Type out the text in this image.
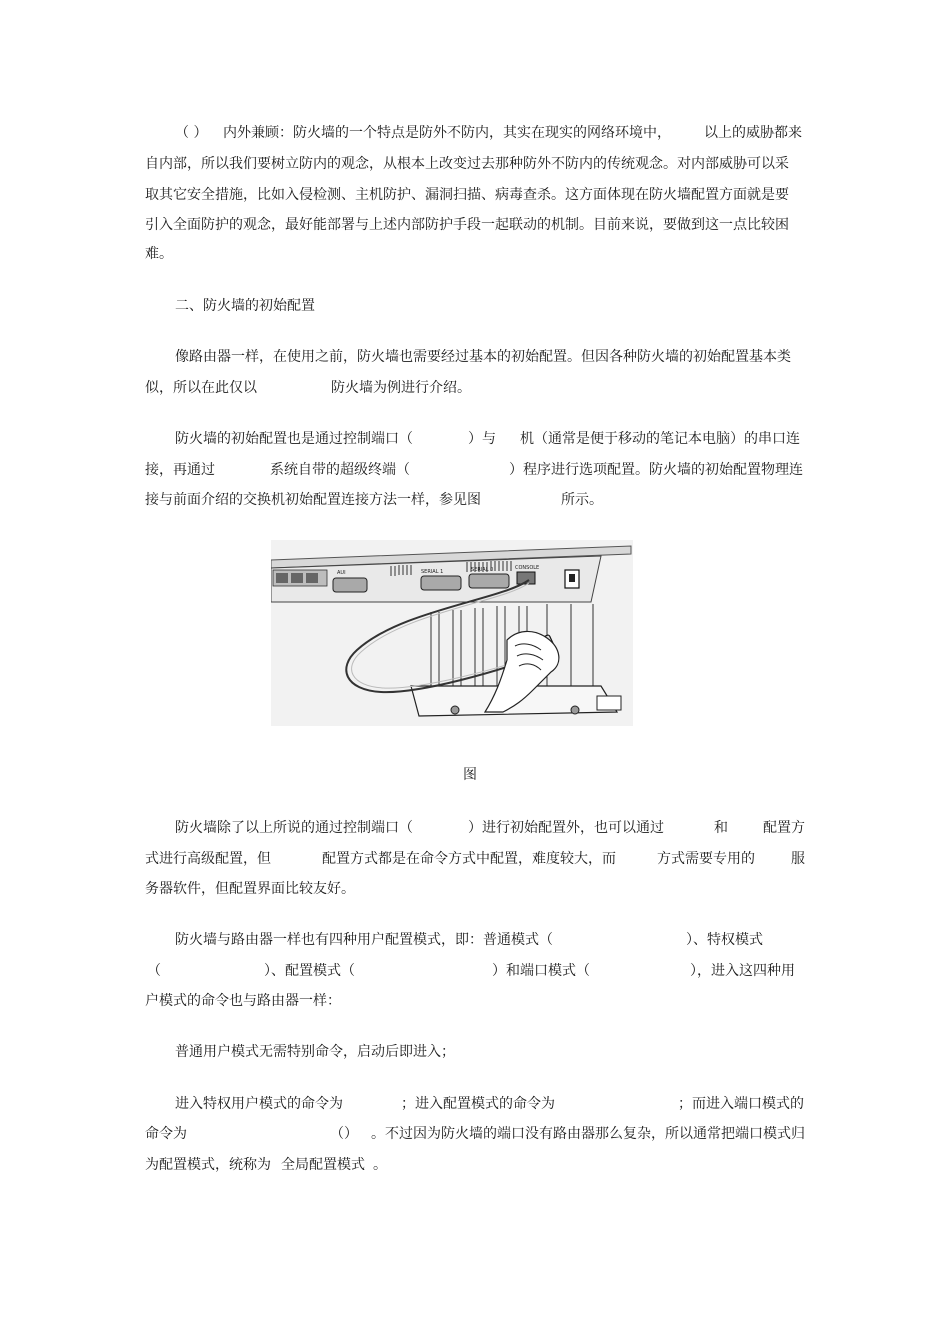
（ ） 内外兼顾：防火墙的一个特点是防外不防内，其实在现实的网络环境中， 以上的威胁都来
自内部，所以我们要树立防内的观念，从根本上改变过去那种防外不防内的传统观念。对内部威胁可以采
取其它安全措施，比如入侵检测、主机防护、漏洞扫描、病毒查杀。这方面体现在防火墙配置方面就是要
引入全面防护的观念，最好能部署与上述内部防护手段一起联动的机制。目前来说，要做到这一点比较困
难。
二、防火墙的初始配置
像路由器一样，在使用之前，防火墙也需要经过基本的初始配置。但因各种防火墙的初始配置基本类
似，所以在此仅以	防火墙为例进行介绍。
防火墙的初始配置也是通过控制端口（	）与 机（通常是便于移动的笔记本电脑）的串口连
接，再通过	系统自带的超级终端（	）程序进行选项配置。防火墙的初始配置物理连
接与前面介绍的交换机初始配置连接方法一样，参见图	所示。
AUI	SERIAL 1	SERIAL 0	CONSOLE
图
防火墙除了以上所说的通过控制端口（	）进行初始配置外，也可以通过	和	配置方
式进行高级配置，但	配置方式都是在命令方式中配置，难度较大，而	方式需要专用的	服
务器软件，但配置界面比较友好。
防火墙与路由器一样也有四种用户配置模式，即：普通模式（	）、特权模式
（	）、配置模式（	）和端口模式（	），进入这四种用
户模式的命令也与路由器一样：
普通用户模式无需特别命令，启动后即进入；
进入特权用户模式的命令为	；进入配置模式的命令为	；而进入端口模式的
命令为	（） 。不过因为防火墙的端口没有路由器那么复杂，所以通常把端口模式归
为配置模式，统称为 全局配置模式 。
